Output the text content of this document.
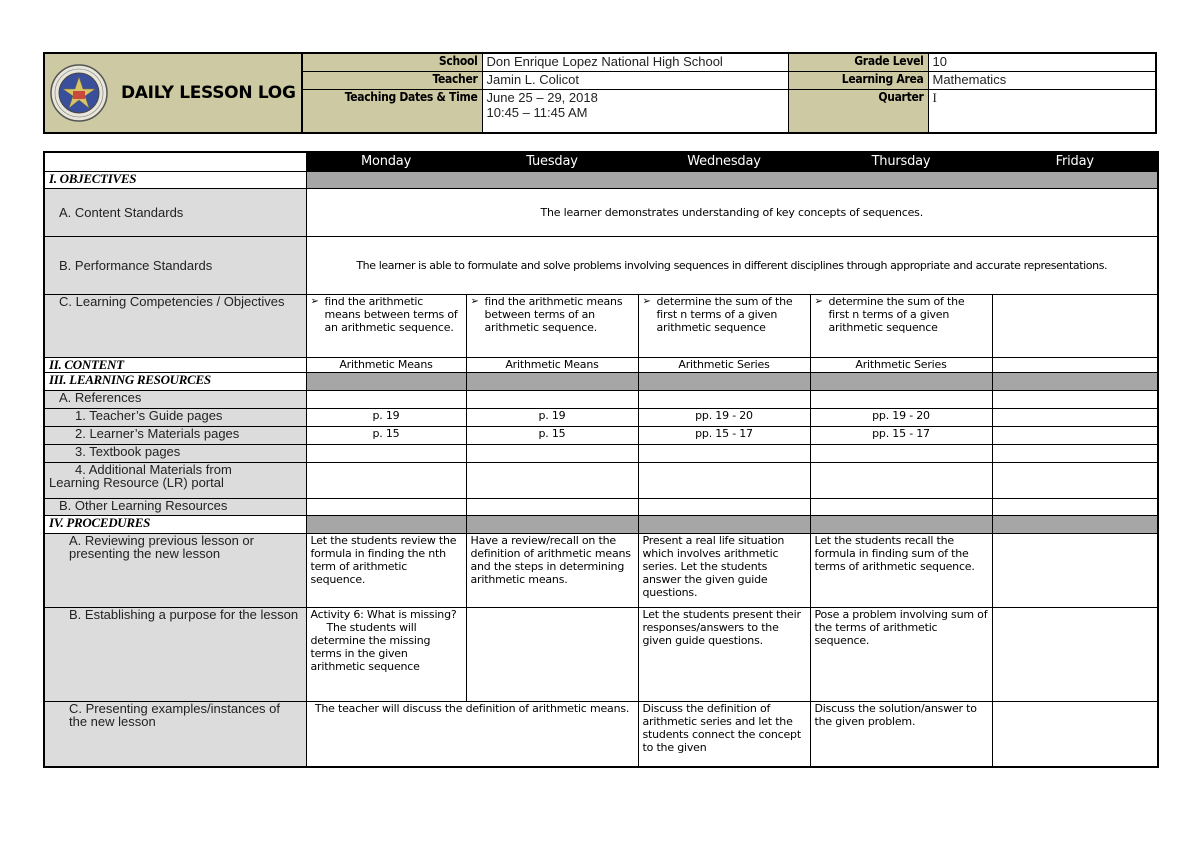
DAILY LESSON LOG	School	Don Enrique Lopez National High School	Grade Level	10
	Teacher	Jamin L. Colicot	Learning Area	Mathematics
	Teaching Dates & Time	June 25 – 29, 2018
10:45 – 11:45 AM	Quarter	I
	Monday	Tuesday	Wednesday	Thursday	Friday
I. OBJECTIVES					

A. Content Standards	The learner demonstrates understanding of key concepts of sequences.				

B. Performance Standards	The learner is able to formulate and solve problems involving sequences in different disciplines through appropriate and accurate representations.				

C. Learning Competencies / Objectives	➢ find the arithmetic means between terms of an arithmetic sequence.	➢ find the arithmetic means between terms of an arithmetic sequence.	➢ determine the sum of the first n terms of a given arithmetic sequence	➢ determine the sum of the first n terms of a given arithmetic sequence	

II. CONTENT	Arithmetic Means	Arithmetic Means	Arithmetic Series	Arithmetic Series	
III. LEARNING RESOURCES					

A. References					

1. Teacher’s Guide pages	p. 19	p. 19	pp. 19 - 20	pp. 19 - 20	

2. Learner’s Materials pages	p. 15	p. 15	pp. 15 - 17	pp. 15 - 17	

3. Textbook pages					

4. Additional Materials from
Learning Resource (LR) portal					

B. Other Learning Resources					

IV. PROCEDURES					

A. Reviewing previous lesson or presenting the new lesson	Let the students review the formula in finding the nth term of arithmetic sequence.	Have a review/recall on the definition of arithmetic means and the steps in determining arithmetic means.	Present a real life situation which involves arithmetic series. Let the students answer the given guide questions.	Let the students recall the formula in finding sum of the terms of arithmetic sequence.	

B. Establishing a purpose for the lesson	Activity 6: What is missing?
The students will
determine the missing terms in the given arithmetic sequence		Let the students present their responses/answers to the given guide questions.	Pose a problem involving sum of the terms of arithmetic sequence.	

C. Presenting examples/instances of the new lesson	The teacher will discuss the definition of arithmetic means.		Discuss the definition of arithmetic series and let the students connect the concept to the given	Discuss the solution/answer to the given problem.	
